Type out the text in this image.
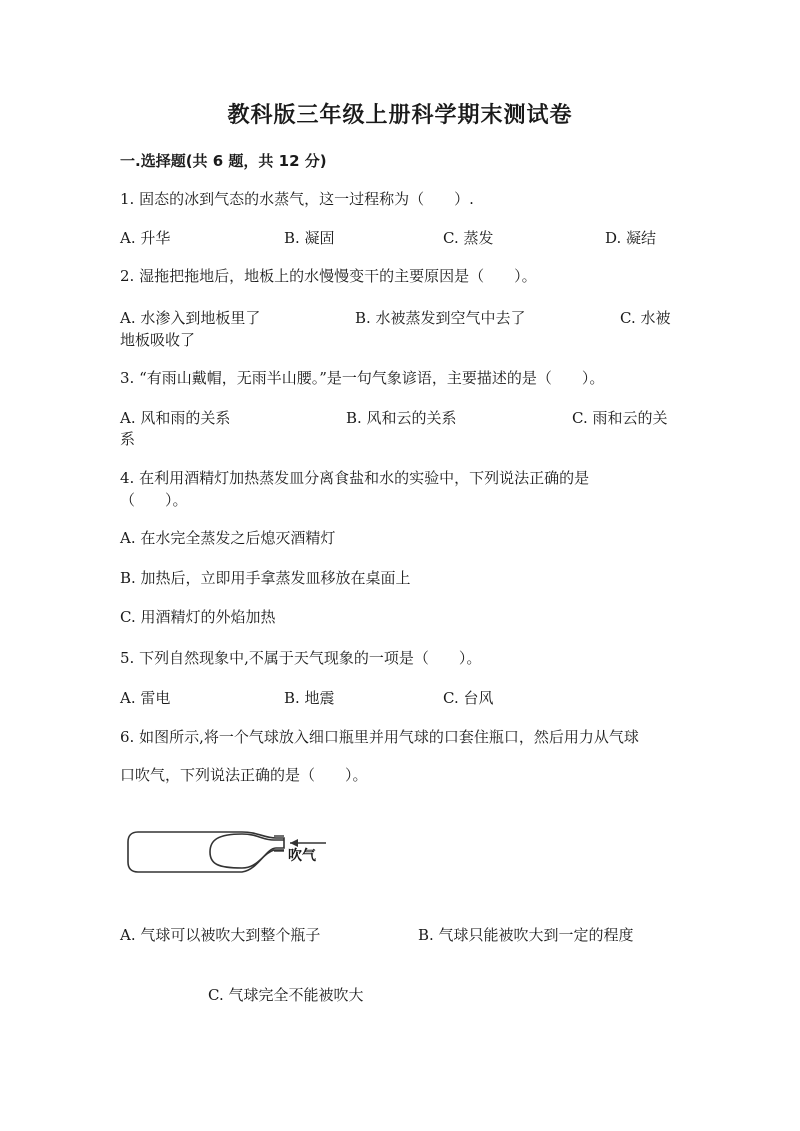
教科版三年级上册科学期末测试卷
一.选择题(共 6 题，共 12 分)
1. 固态的冰到气态的水蒸气，这一过程称为（　　）.
A. 升华	B. 凝固	C. 蒸发	D. 凝结
2. 湿拖把拖地后，地板上的水慢慢变干的主要原因是（　　）。
A. 水渗入到地板里了	B. 水被蒸发到空气中去了	C. 水被
地板吸收了
3. “有雨山戴帽，无雨半山腰。”是一句气象谚语，主要描述的是（　　）。
A. 风和雨的关系	B. 风和云的关系	C. 雨和云的关
系
4. 在利用酒精灯加热蒸发皿分离食盐和水的实验中，下列说法正确的是
（　　）。
A. 在水完全蒸发之后熄灭酒精灯
B. 加热后，立即用手拿蒸发皿移放在桌面上
C. 用酒精灯的外焰加热
5. 下列自然现象中,不属于天气现象的一项是（　　）。
A. 雷电	B. 地震	C. 台风
6. 如图所示,将一个气球放入细口瓶里并用气球的口套住瓶口，然后用力从气球
口吹气，下列说法正确的是（　　）。
吹气
A. 气球可以被吹大到整个瓶子	B. 气球只能被吹大到一定的程度
C. 气球完全不能被吹大
